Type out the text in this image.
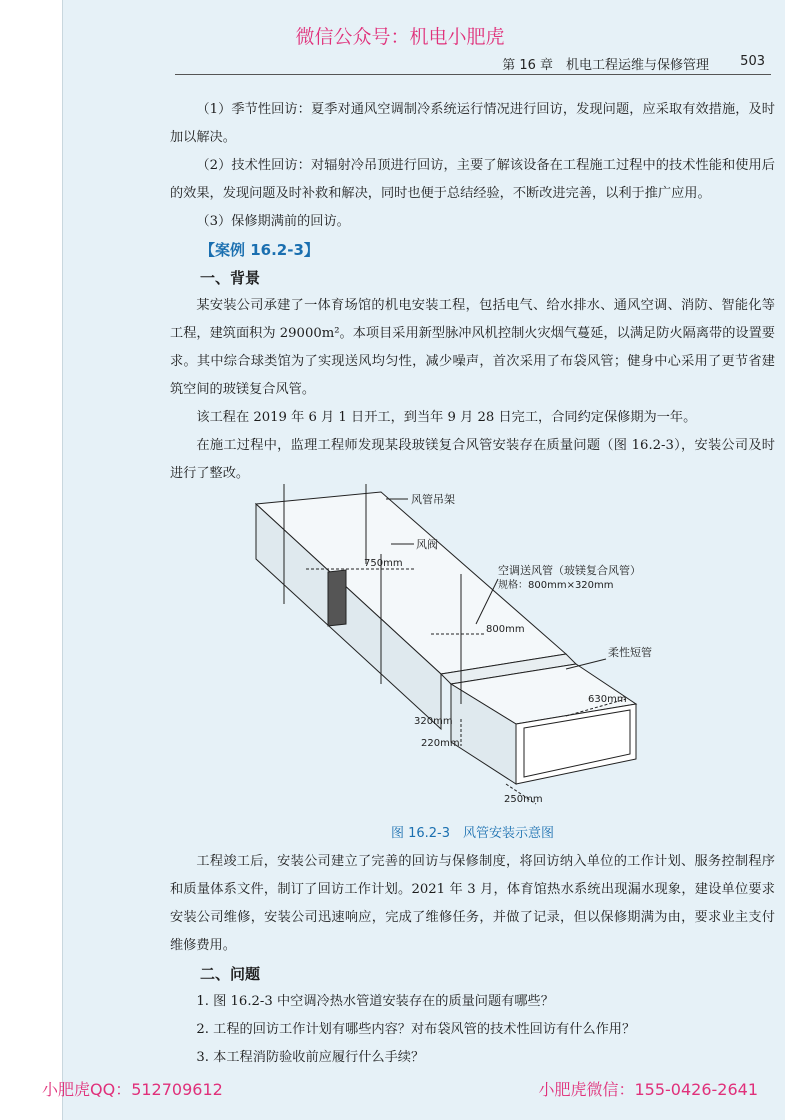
微信公众号：机电小肥虎
第 16 章　机电工程运维与保修管理 503

（1）季节性回访：夏季对通风空调制冷系统运行情况进行回访，发现问题，应采取有效措施，及时加以解决。

（2）技术性回访：对辐射冷吊顶进行回访，主要了解该设备在工程施工过程中的技术性能和使用后的效果，发现问题及时补救和解决，同时也便于总结经验，不断改进完善，以利于推广应用。

（3）保修期满前的回访。

【案例 16.2-3】

一、背景

某安装公司承建了一体育场馆的机电安装工程，包括电气、给水排水、通风空调、消防、智能化等工程，建筑面积为 29000m²。本项目采用新型脉冲风机控制火灾烟气蔓延，以满足防火隔离带的设置要求。其中综合球类馆为了实现送风均匀性，减少噪声，首次采用了布袋风管；健身中心采用了更节省建筑空间的玻镁复合风管。

该工程在 2019 年 6 月 1 日开工，到当年 9 月 28 日完工，合同约定保修期为一年。

在施工过程中，监理工程师发现某段玻镁复合风管安装存在质量问题（图 16.2-3），安装公司及时进行了整改。

风管吊架
风阀
空调送风管（玻镁复合风管）
规格：800mm×320mm
柔性短管
750mm
800mm
630mm
320mm
220mm
250mm
图 16.2-3　风管安装示意图

工程竣工后，安装公司建立了完善的回访与保修制度，将回访纳入单位的工作计划、服务控制程序和质量体系文件，制订了回访工作计划。2021 年 3 月，体育馆热水系统出现漏水现象，建设单位要求安装公司维修，安装公司迅速响应，完成了维修任务，并做了记录，但以保修期满为由，要求业主支付维修费用。

二、问题

1. 图 16.2-3 中空调冷热水管道安装存在的质量问题有哪些？

2. 工程的回访工作计划有哪些内容？对布袋风管的技术性回访有什么作用？

3. 本工程消防验收前应履行什么手续？

小肥虎QQ：512709612	小肥虎微信：155-0426-2641
